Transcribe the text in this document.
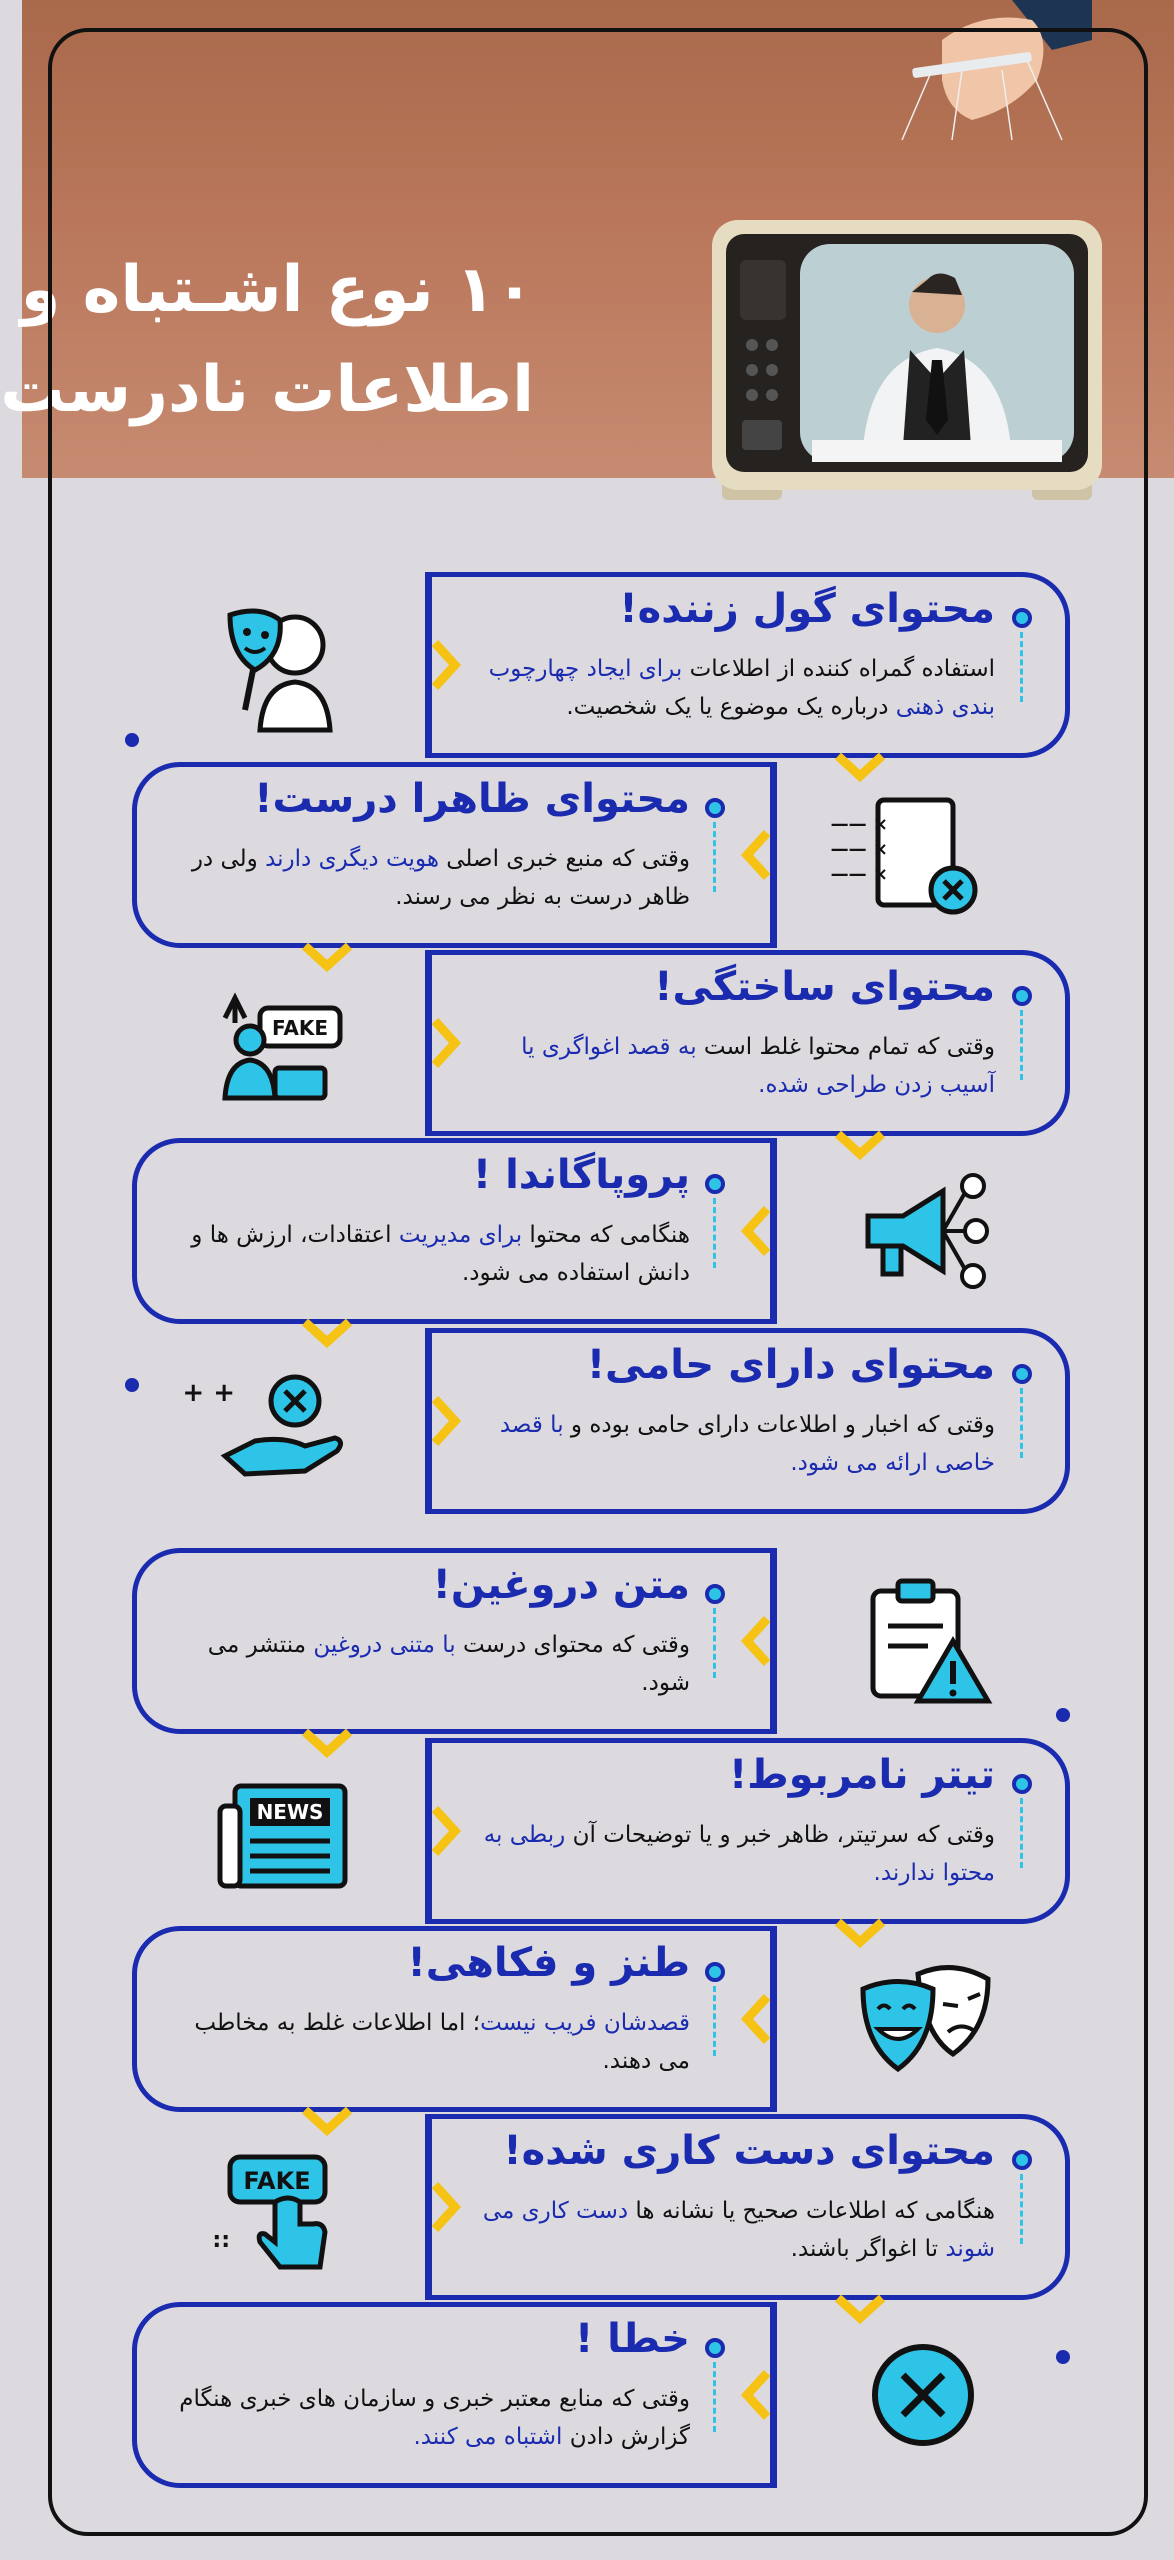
۱۰ نوع اشـتباه و
اطلاعات نادرست
محتوای گول زننده!
استفاده گمراه کننده از اطلاعات برای ایجاد چهارچوب بندی ذهنی درباره یک موضوع یا یک شخصیت.
× ——
× ——
× ——
محتوای ظاهرا درست!
وقتی که منبع خبری اصلی هویت دیگری دارند ولی در ظاهر درست به نظر می رسند.
FAKE
محتوای ساختگی!
وقتی که تمام محتوا غلط است به قصد اغواگری یا آسیب زدن طراحی شده.
پروپاگاندا !
هنگامی که محتوا برای مدیریت اعتقادات، ارزش ها و دانش استفاده می شود.
+ +
محتوای دارای حامی!
وقتی که اخبار و اطلاعات دارای حامی بوده و با قصد خاصی ارائه می شود.
متن دروغین!
وقتی که محتوای درست با متنی دروغین منتشر می شود.
NEWS
تیتر نامربوط!
وقتی که سرتیتر، ظاهر خبر و یا توضیحات آن ربطی به محتوا ندارند.
طنز و فکاهی!
قصدشان فریب نیست؛ اما اطلاعات غلط به مخاطب می دهند.
FAKE
::
محتوای دست کاری شده!
هنگامی که اطلاعات صحیح یا نشانه ها دست کاری می شوند تا اغواگر باشند.
خطا !
وقتی که منابع معتبر خبری و سازمان های خبری هنگام گزارش دادن اشتباه می کنند.
